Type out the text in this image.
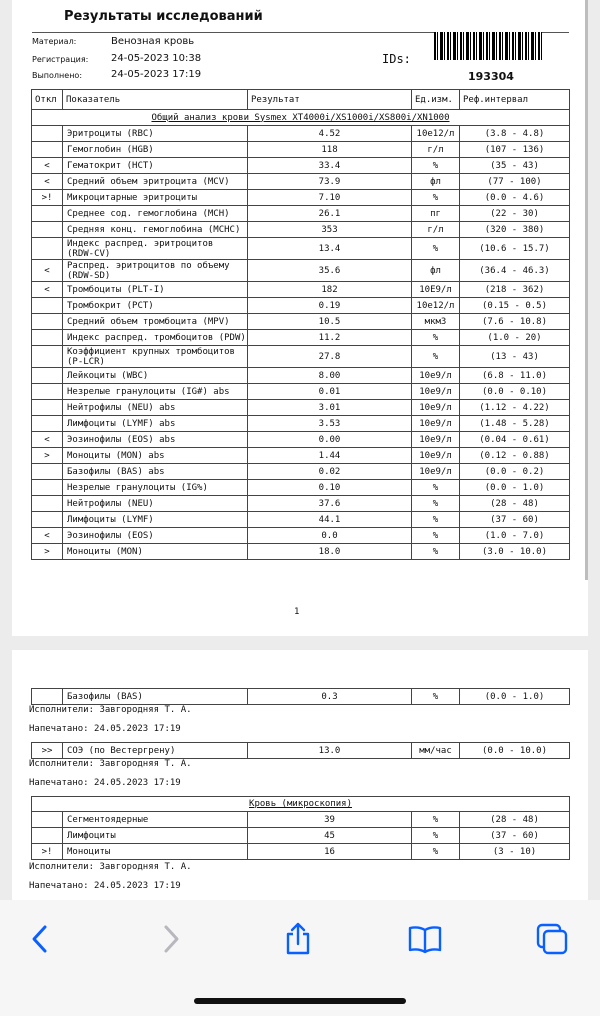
Результаты исследований
Материал:	Венозная кровь
Регистрация: 24-05-2023 10:38
Выполнено:	24-05-2023 17:19
IDs:
193304
Откл	Показатель	Результат	Ед.изм.	Реф.интервал
Общий анализ крови Sysmex XT4000i/XS1000i/XS800i/XN1000				
	Эритроциты (RBC)	4.52	10e12/л	(3.8 - 4.8)
	Гемоглобин (HGB)	118	г/л	(107 - 136)
<	Гематокрит (HCT)	33.4	%	(35 - 43)
<	Средний объем эритроцита (MCV)	73.9	фл	(77 - 100)
>!	Микроцитарные эритроциты	7.10	%	(0.0 - 4.6)
	Среднее сод. гемоглобина (MCH)	26.1	пг	(22 - 30)
	Средняя конц. гемоглобина (MCHC)	353	г/л	(320 - 380)
	Индекс распред. эритроцитов (RDW-CV)	13.4	%	(10.6 - 15.7)
<	Распред. эритроцитов по объему (RDW-SD)	35.6	фл	(36.4 - 46.3)
<	Тромбоциты (PLT-I)	182	10E9/л	(218 - 362)
	Тромбокрит (PCT)	0.19	10e12/л	(0.15 - 0.5)
	Средний объем тромбоцита (MPV)	10.5	мкм3	(7.6 - 10.8)
	Индекс распред. тромбоцитов (PDW)	11.2	%	(1.0 - 20)
	Коэффициент крупных тромбоцитов (P-LCR)	27.8	%	(13 - 43)
	Лейкоциты (WBC)	8.00	10e9/л	(6.8 - 11.0)
	Незрелые гранулоциты (IG#) abs	0.01	10e9/л	(0.0 - 0.10)
	Нейтрофилы (NEU) abs	3.01	10e9/л	(1.12 - 4.22)
	Лимфоциты (LYMF) abs	3.53	10e9/л	(1.48 - 5.28)
<	Эозинофилы (EOS) abs	0.00	10e9/л	(0.04 - 0.61)
>	Моноциты (MON) abs	1.44	10e9/л	(0.12 - 0.88)
	Базофилы (BAS) abs	0.02	10e9/л	(0.0 - 0.2)
	Незрелые гранулоциты (IG%)	0.10	%	(0.0 - 1.0)
	Нейтрофилы (NEU)	37.6	%	(28 - 48)
	Лимфоциты (LYMF)	44.1	%	(37 - 60)
<	Эозинофилы (EOS)	0.0	%	(1.0 - 7.0)
>	Моноциты (MON)	18.0	%	(3.0 - 10.0)
1
	Базофилы (BAS)	0.3	%	(0.0 - 1.0)
Исполнители: Завгородняя Т. А.
Напечатано: 24.05.2023 17:19
>>	СОЭ (по Вестергрену)	13.0	мм/час	(0.0 - 10.0)
Исполнители: Завгородняя Т. А.
Напечатано: 24.05.2023 17:19
Кровь (микроскопия)				
	Сегментоядерные	39	%	(28 - 48)
	Лимфоциты	45	%	(37 - 60)
>!	Моноциты	16	%	(3 - 10)
Исполнители: Завгородняя Т. А.
Напечатано: 24.05.2023 17:19
